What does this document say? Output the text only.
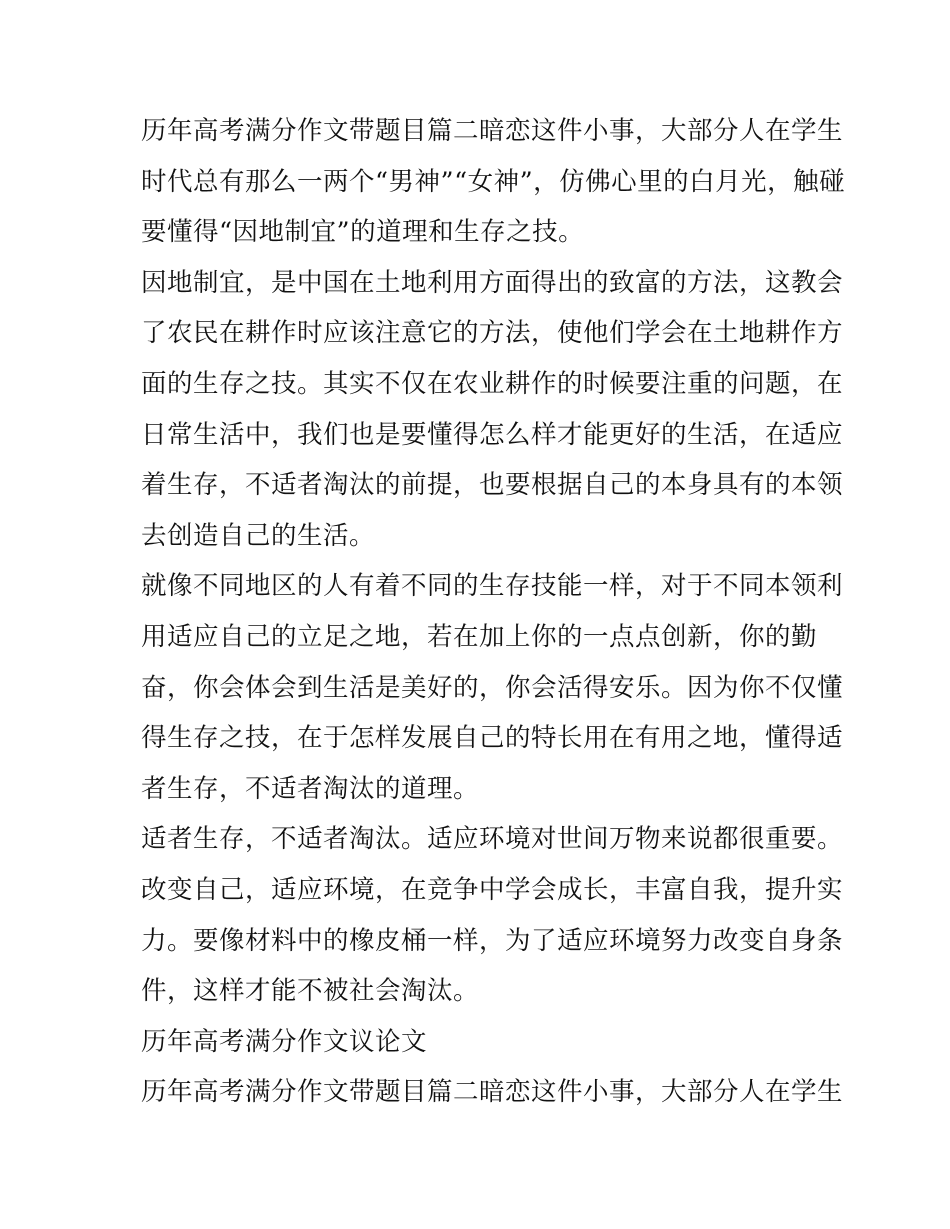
历年高考满分作文带题目篇二暗恋这件小事，大部分人在学生
时代总有那么一两个“男神”“女神”，仿佛心里的白月光，触碰
要懂得“因地制宜”的道理和生存之技。
因地制宜，是中国在土地利用方面得出的致富的方法，这教会
了农民在耕作时应该注意它的方法，使他们学会在土地耕作方
面的生存之技。其实不仅在农业耕作的时候要注重的问题，在
日常生活中，我们也是要懂得怎么样才能更好的生活，在适应
着生存，不适者淘汰的前提，也要根据自己的本身具有的本领
去创造自己的生活。
就像不同地区的人有着不同的生存技能一样，对于不同本领利
用适应自己的立足之地，若在加上你的一点点创新，你的勤
奋，你会体会到生活是美好的，你会活得安乐。因为你不仅懂
得生存之技，在于怎样发展自己的特长用在有用之地，懂得适
者生存，不适者淘汰的道理。
适者生存，不适者淘汰。适应环境对世间万物来说都很重要。
改变自己，适应环境，在竞争中学会成长，丰富自我，提升实
力。要像材料中的橡皮桶一样，为了适应环境努力改变自身条
件，这样才能不被社会淘汰。
历年高考满分作文议论文
历年高考满分作文带题目篇二暗恋这件小事，大部分人在学生
